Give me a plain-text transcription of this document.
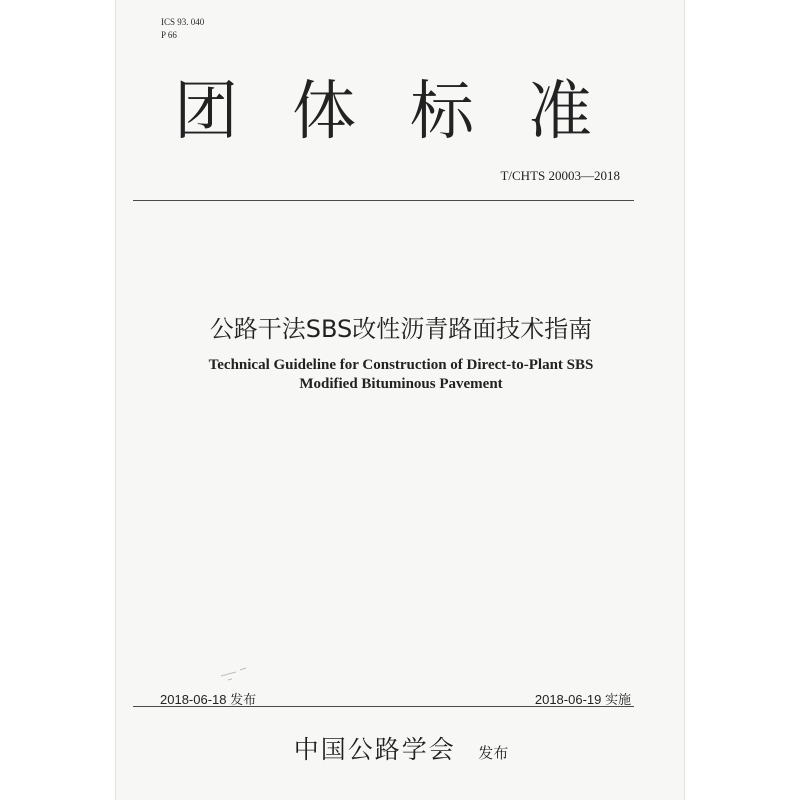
ICS 93. 040
P 66
团体标准
T/CHTS 20003—2018
公路干法SBS改性沥青路面技术指南
Technical Guideline for Construction of Direct-to-Plant SBS
Modified Bituminous Pavement
2018-06-18 发布	2018-06-19 实施
中国公路学会 发布
